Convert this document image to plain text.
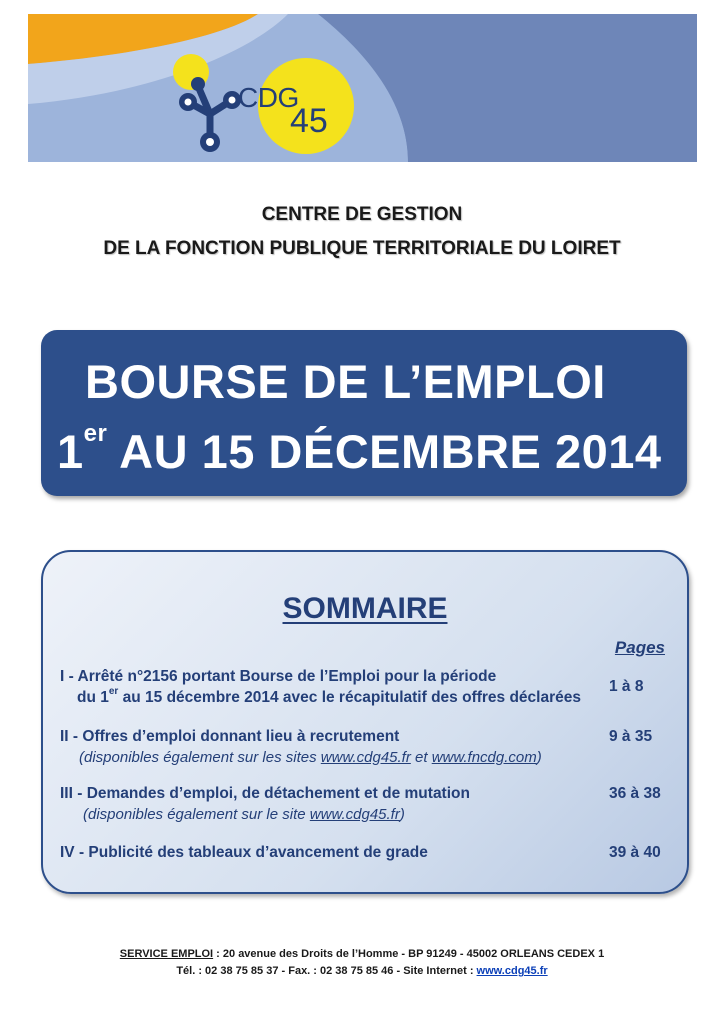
CDG
45
CENTRE DE GESTION
DE LA FONCTION PUBLIQUE TERRITORIALE DU LOIRET
BOURSE DE L’EMPLOI
1er AU 15 DÉCEMBRE 2014
SOMMAIRE
Pages
I - Arrêté n°2156 portant Bourse de l’Emploi pour la période
du 1er au 15 décembre 2014 avec le récapitulatif des offres déclarées
1 à 8
II - Offres d’emploi donnant lieu à recrutement
(disponibles également sur les sites www.cdg45.fr et www.fncdg.com)
9 à 35
III - Demandes d’emploi, de détachement et de mutation
(disponibles également sur le site www.cdg45.fr)
36 à 38
IV - Publicité des tableaux d’avancement de grade	39 à 40
SERVICE EMPLOI : 20 avenue des Droits de l’Homme - BP 91249 - 45002 ORLEANS CEDEX 1
Tél. : 02 38 75 85 37 - Fax. : 02 38 75 85 46 - Site Internet : www.cdg45.fr
